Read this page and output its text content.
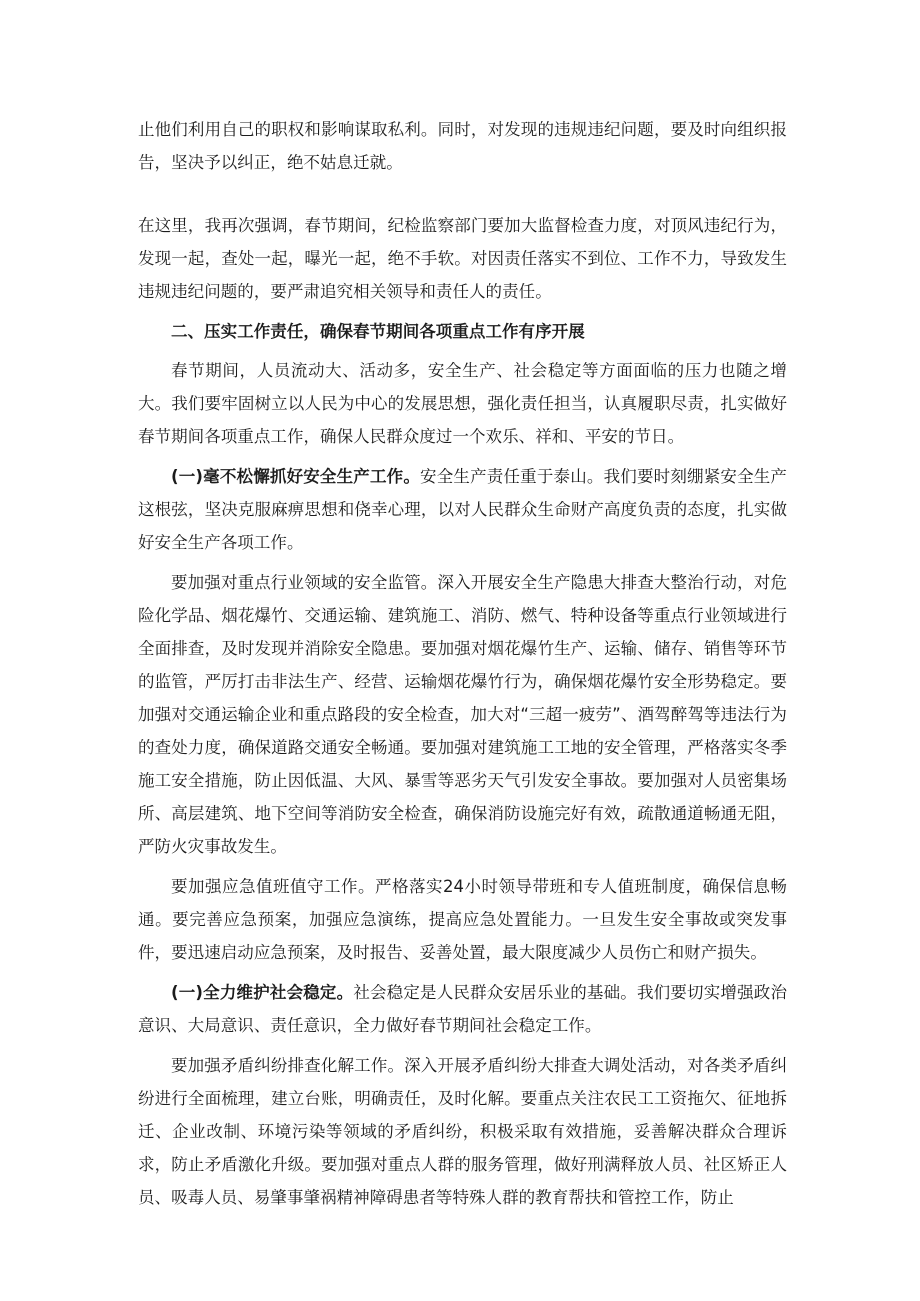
止他们利用自己的职权和影响谋取私利。同时，对发现的违规违纪问题，要及时向组织报告，坚决予以纠正，绝不姑息迁就。

在这里，我再次强调，春节期间，纪检监察部门要加大监督检查力度，对顶风违纪行为，发现一起，查处一起，曝光一起，绝不手软。对因责任落实不到位、工作不力，导致发生违规违纪问题的，要严肃追究相关领导和责任人的责任。

二、压实工作责任，确保春节期间各项重点工作有序开展

春节期间，人员流动大、活动多，安全生产、社会稳定等方面面临的压力也随之增大。我们要牢固树立以人民为中心的发展思想，强化责任担当，认真履职尽责，扎实做好春节期间各项重点工作，确保人民群众度过一个欢乐、祥和、平安的节日。

(一)毫不松懈抓好安全生产工作。安全生产责任重于泰山。我们要时刻绷紧安全生产这根弦，坚决克服麻痹思想和侥幸心理，以对人民群众生命财产高度负责的态度，扎实做好安全生产各项工作。

要加强对重点行业领域的安全监管。深入开展安全生产隐患大排查大整治行动，对危险化学品、烟花爆竹、交通运输、建筑施工、消防、燃气、特种设备等重点行业领域进行全面排查，及时发现并消除安全隐患。要加强对烟花爆竹生产、运输、储存、销售等环节的监管，严厉打击非法生产、经营、运输烟花爆竹行为，确保烟花爆竹安全形势稳定。要加强对交通运输企业和重点路段的安全检查，加大对“三超一疲劳”、酒驾醉驾等违法行为的查处力度，确保道路交通安全畅通。要加强对建筑施工工地的安全管理，严格落实冬季施工安全措施，防止因低温、大风、暴雪等恶劣天气引发安全事故。要加强对人员密集场所、高层建筑、地下空间等消防安全检查，确保消防设施完好有效，疏散通道畅通无阻，严防火灾事故发生。

要加强应急值班值守工作。严格落实24小时领导带班和专人值班制度，确保信息畅通。要完善应急预案，加强应急演练，提高应急处置能力。一旦发生安全事故或突发事件，要迅速启动应急预案，及时报告、妥善处置，最大限度减少人员伤亡和财产损失。

(一)全力维护社会稳定。社会稳定是人民群众安居乐业的基础。我们要切实增强政治意识、大局意识、责任意识，全力做好春节期间社会稳定工作。

要加强矛盾纠纷排查化解工作。深入开展矛盾纠纷大排查大调处活动，对各类矛盾纠纷进行全面梳理，建立台账，明确责任，及时化解。要重点关注农民工工资拖欠、征地拆迁、企业改制、环境污染等领域的矛盾纠纷，积极采取有效措施，妥善解决群众合理诉求，防止矛盾激化升级。要加强对重点人群的服务管理，做好刑满释放人员、社区矫正人员、吸毒人员、易肇事肇祸精神障碍患者等特殊人群的教育帮扶和管控工作，防止
